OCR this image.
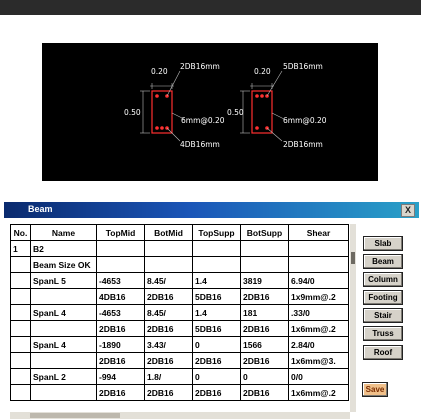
0.20
0.50
2DB16mm
6mm@0.20
4DB16mm
0.20
0.50
5DB16mm
6mm@0.20
2DB16mm
Beam	X
No.	Name	TopMid	BotMid	TopSupp	BotSupp	Shear
1	B2					
	Beam Size OK					
	SpanL 5	-4653	8.45/	1.4	3819	6.94/0
		4DB16	2DB16	5DB16	2DB16	1x9mm@.2
	SpanL 4	-4653	8.45/	1.4	181	.33/0
		2DB16	2DB16	5DB16	2DB16	1x6mm@.2
	SpanL 4	-1890	3.43/	0	1566	2.84/0
		2DB16	2DB16	2DB16	2DB16	1x6mm@3.
	SpanL 2	-994	1.8/	0	0	0/0
		2DB16	2DB16	2DB16	2DB16	1x6mm@.2
Slab
Beam
Column
Footing
Stair
Truss
Roof
Save
